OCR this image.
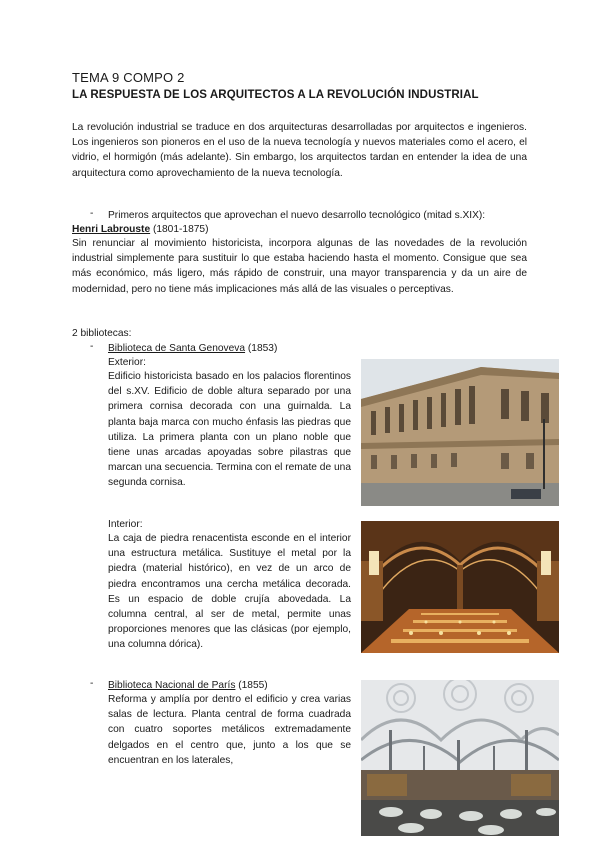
TEMA 9 COMPO 2
LA RESPUESTA DE LOS ARQUITECTOS A LA REVOLUCIÓN INDUSTRIAL
La revolución industrial se traduce en dos arquitecturas desarrolladas por arquitectos e ingenieros. Los ingenieros son pioneros en el uso de la nueva tecnología y nuevos materiales como el acero, el vidrio, el hormigón (más adelante). Sin embargo, los arquitectos tardan en entender la idea de una arquitectura como aprovechamiento de la nueva tecnología.
- Primeros arquitectos que aprovechan el nuevo desarrollo tecnológico (mitad s.XIX):
Henri Labrouste (1801-1875)
Sin renunciar al movimiento historicista, incorpora algunas de las novedades de la revolución industrial simplemente para sustituir lo que estaba haciendo hasta el momento. Consigue que sea más económico, más ligero, más rápido de construir, una mayor transparencia y da un aire de modernidad, pero no tiene más implicaciones más allá de las visuales o perceptivas.
2 bibliotecas:
- Biblioteca de Santa Genoveva (1853)
Exterior:
Edificio historicista basado en los palacios florentinos del s.XV. Edificio de doble altura separado por una primera cornisa decorada con una guirnalda. La planta baja marca con mucho énfasis las piedras que utiliza. La primera planta con un plano noble que tiene unas arcadas apoyadas sobre pilastras que marcan una secuencia. Termina con el remate de una segunda cornisa.
Interior:
La caja de piedra renacentista esconde en el interior una estructura metálica. Sustituye el metal por la piedra (material histórico), en vez de un arco de piedra encontramos una cercha metálica decorada. Es un espacio de doble crujía abovedada. La columna central, al ser de metal, permite unas proporciones menores que las clásicas (por ejemplo, una columna dórica).
- Biblioteca Nacional de París (1855)
Reforma y amplía por dentro el edificio y crea varias salas de lectura. Planta central de forma cuadrada con cuatro soportes metálicos extremadamente delgados en el centro que, junto a los que se encuentran en los laterales,
